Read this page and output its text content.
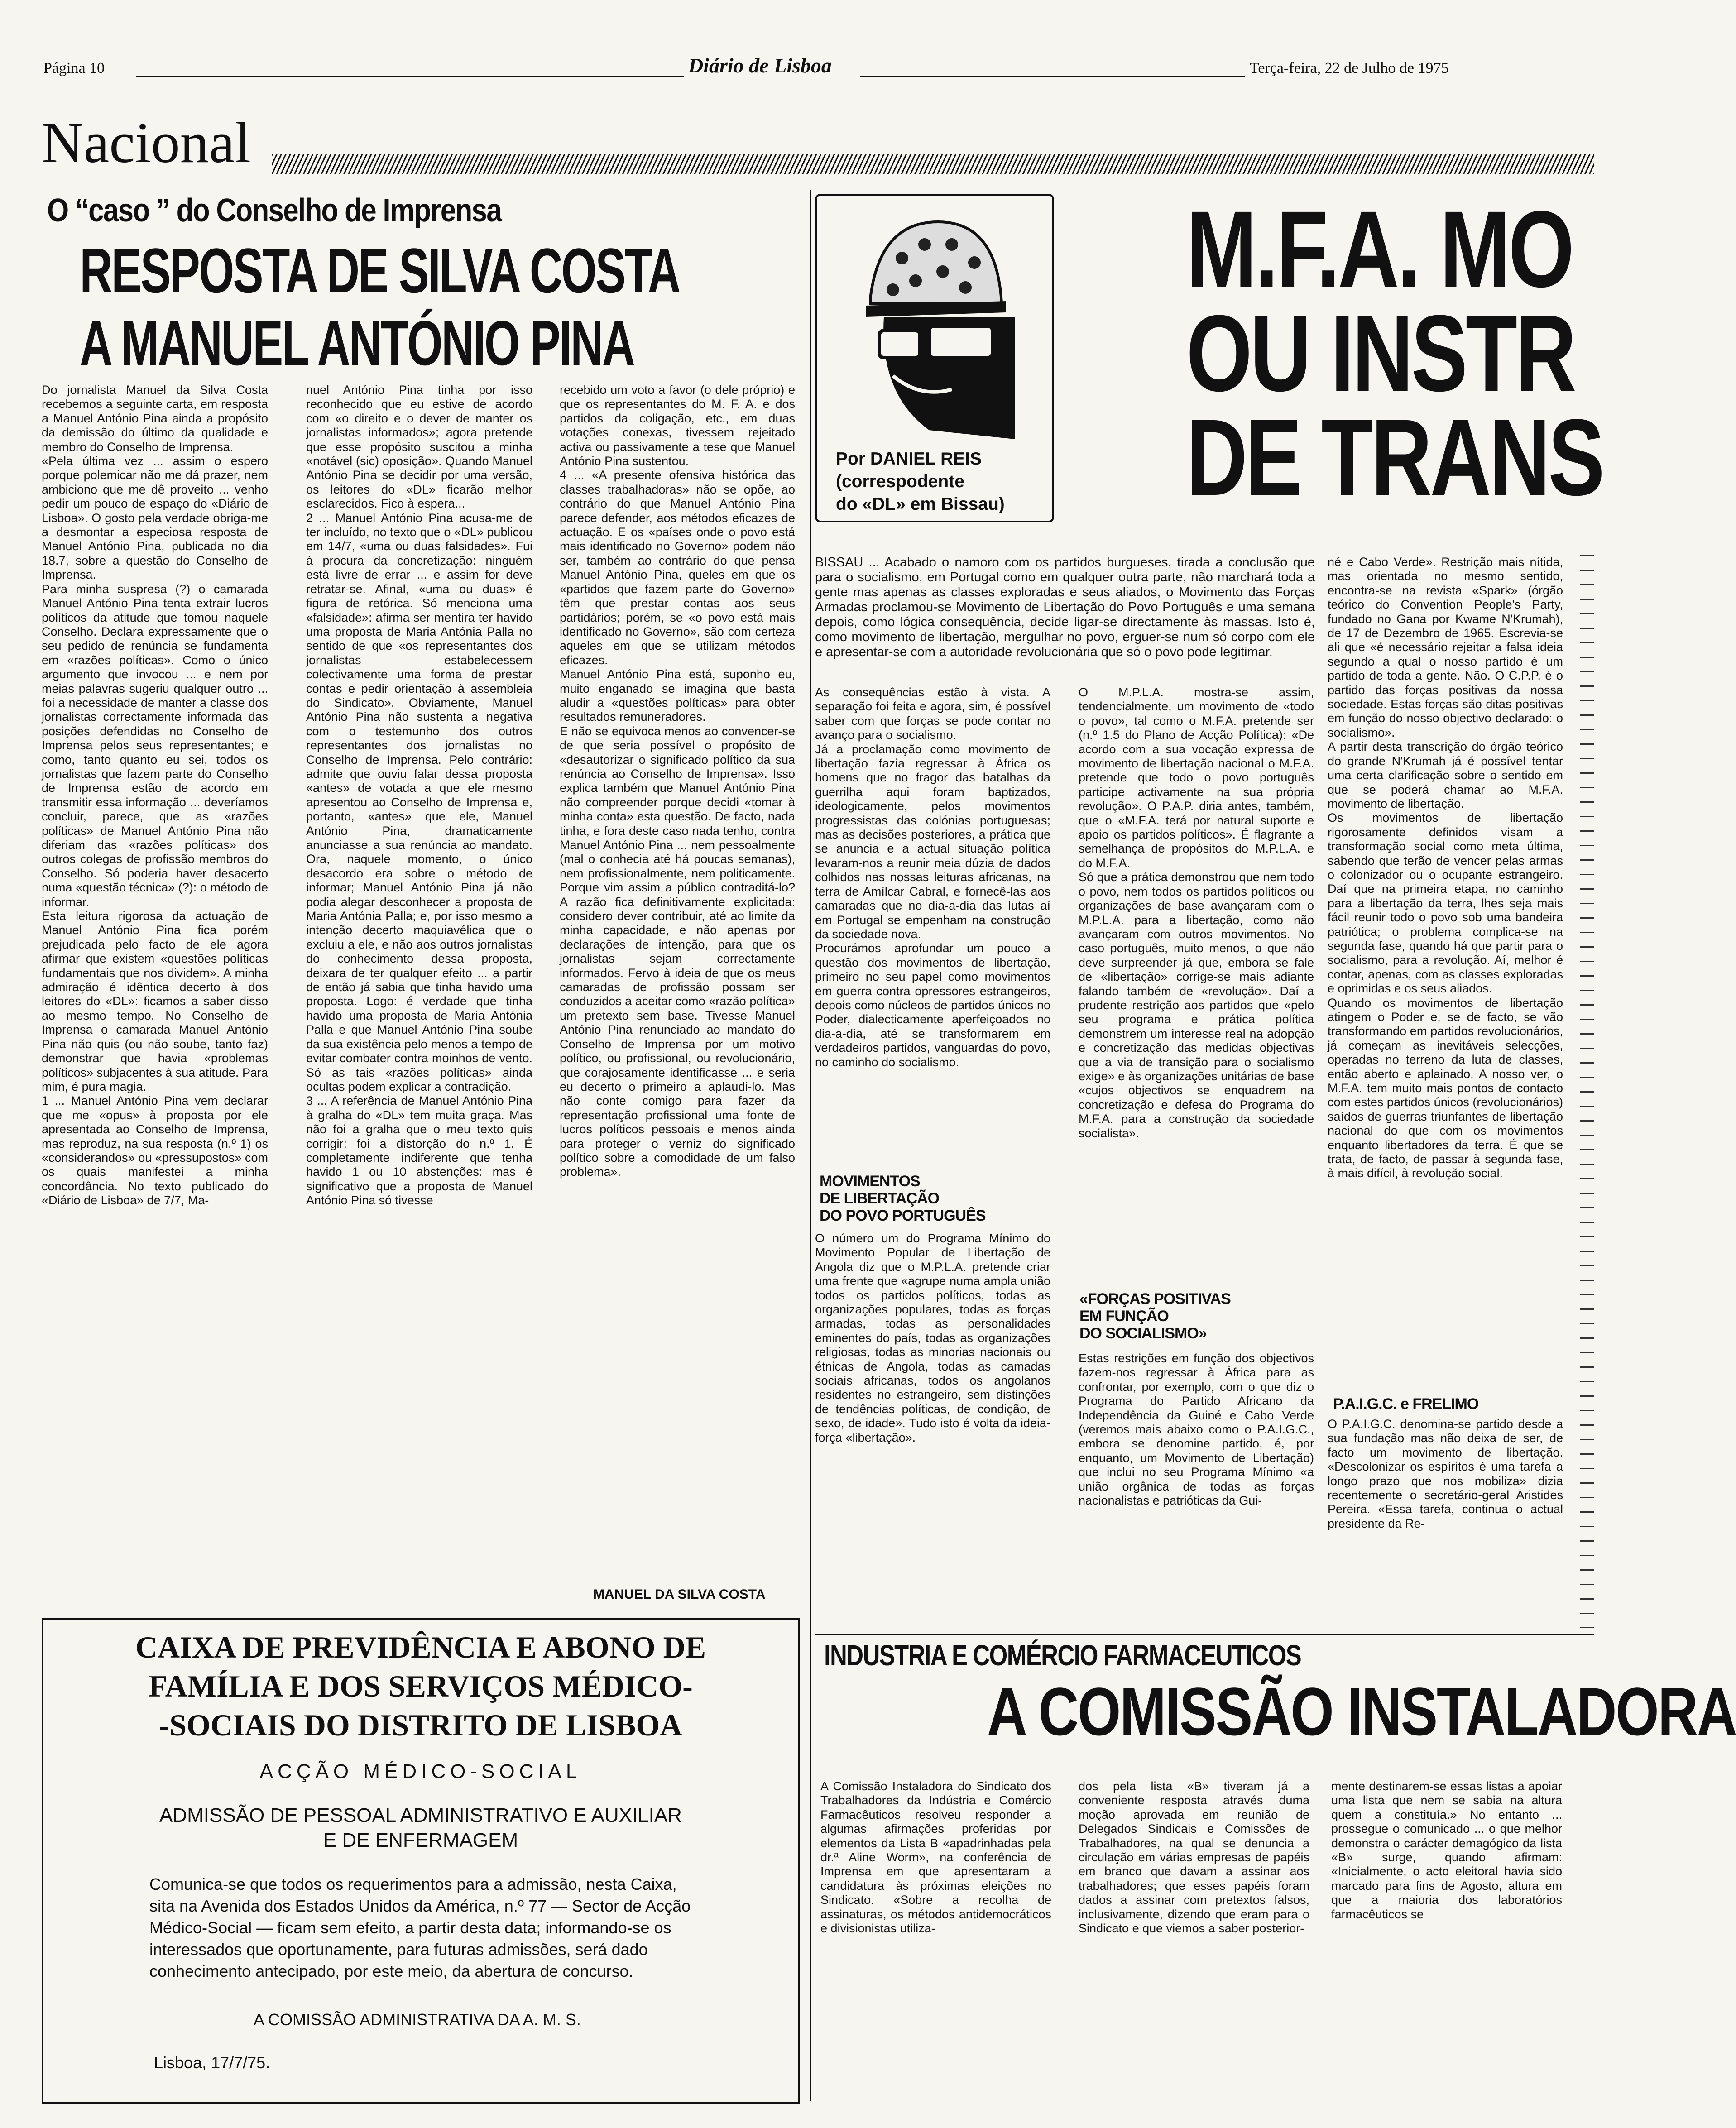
Página 10	Diário de Lisboa	Terça-feira, 22 de Julho de 1975
Nacional
O “caso ” do Conselho de Imprensa
RESPOSTA DE SILVA COSTA
A MANUEL ANTÓNIO PINA

Do jornalista Manuel da Silva Costa recebemos a seguinte carta, em resposta a Manuel António Pina ainda a propósito da demissão do último da qualidade e membro do Conselho de Imprensa.

«Pela última vez ... assim o espero porque polemicar não me dá prazer, nem ambiciono que me dê proveito ... venho pedir um pouco de espaço do «Diário de Lisboa». O gosto pela verdade obriga-me a desmontar a especiosa resposta de Manuel António Pina, publicada no dia 18.7, sobre a questão do Conselho de Imprensa.

Para minha suspresa (?) o camarada Manuel António Pina tenta extrair lucros políticos da atitude que tomou naquele Conselho. Declara expressamente que o seu pedido de renúncia se fundamenta em «razões políticas». Como o único argumento que invocou ... e nem por meias palavras sugeriu qualquer outro ... foi a necessidade de manter a classe dos jornalistas correctamente informada das posições defendidas no Conselho de Imprensa pelos seus representantes; e como, tanto quanto eu sei, todos os jornalistas que fazem parte do Conselho de Imprensa estão de acordo em transmitir essa informação ... deveríamos concluir, parece, que as «razões políticas» de Manuel António Pina não diferiam das «razões políticas» dos outros colegas de profissão membros do Conselho. Só poderia haver desacerto numa «questão técnica» (?): o método de informar.

Esta leitura rigorosa da actuação de Manuel António Pina fica porém prejudicada pelo facto de ele agora afirmar que existem «questões políticas fundamentais que nos dividem». A minha admiração é idêntica decerto à dos leitores do «DL»: ficamos a saber disso ao mesmo tempo. No Conselho de Imprensa o camarada Manuel António Pina não quis (ou não soube, tanto faz) demonstrar que havia «problemas políticos» subjacentes à sua atitude. Para mim, é pura magia.

1 ... Manuel António Pina vem declarar que me «opus» à proposta por ele apresentada ao Conselho de Imprensa, mas reproduz, na sua resposta (n.º 1) os «considerandos» ou «pressupostos» com os quais manifestei a minha concordância. No texto publicado do «Diário de Lisboa» de 7/7, Ma-

nuel António Pina tinha por isso reconhecido que eu estive de acordo com «o direito e o dever de manter os jornalistas informados»; agora pretende que esse propósito suscitou a minha «notável (sic) oposição». Quando Manuel António Pina se decidir por uma versão, os leitores do «DL» ficarão melhor esclarecidos. Fico à espera...

2 ... Manuel António Pina acusa-me de ter incluído, no texto que o «DL» publicou em 14/7, «uma ou duas falsidades». Fui à procura da concretização: ninguém está livre de errar ... e assim for deve retratar-se. Afinal, «uma ou duas» é figura de retórica. Só menciona uma «falsidade»: afirma ser mentira ter havido uma proposta de Maria Antónia Palla no sentido de que «os representantes dos jornalistas estabelecessem colectivamente uma forma de prestar contas e pedir orientação à assembleia do Sindicato». Obviamente, Manuel António Pina não sustenta a negativa com o testemunho dos outros representantes dos jornalistas no Conselho de Imprensa. Pelo contrário: admite que ouviu falar dessa proposta «antes» de votada a que ele mesmo apresentou ao Conselho de Imprensa e, portanto, «antes» que ele, Manuel António Pina, dramaticamente anunciasse a sua renúncia ao mandato. Ora, naquele momento, o único desacordo era sobre o método de informar; Manuel António Pina já não podia alegar desconhecer a proposta de Maria Antónia Palla; e, por isso mesmo a intenção decerto maquiavélica que o excluiu a ele, e não aos outros jornalistas do conhecimento dessa proposta, deixara de ter qualquer efeito ... a partir de então já sabia que tinha havido uma proposta. Logo: é verdade que tinha havido uma proposta de Maria Antónia Palla e que Manuel António Pina soube da sua existência pelo menos a tempo de evitar combater contra moinhos de vento. Só as tais «razões políticas» ainda ocultas podem explicar a contradição.

3 ... A referência de Manuel António Pina à gralha do «DL» tem muita graça. Mas não foi a gralha que o meu texto quis corrigir: foi a distorção do n.º 1. É completamente indiferente que tenha havido 1 ou 10 abstenções: mas é significativo que a proposta de Manuel António Pina só tivesse

recebido um voto a favor (o dele próprio) e que os representantes do M. F. A. e dos partidos da coligação, etc., em duas votações conexas, tivessem rejeitado activa ou passivamente a tese que Manuel António Pina sustentou.

4 ... «A presente ofensiva histórica das classes trabalhadoras» não se opõe, ao contrário do que Manuel António Pina parece defender, aos métodos eficazes de actuação. E os «países onde o povo está mais identificado no Governo» podem não ser, também ao contrário do que pensa Manuel António Pina, queles em que os «partidos que fazem parte do Governo» têm que prestar contas aos seus partidários; porém, se «o povo está mais identificado no Governo», são com certeza aqueles em que se utilizam métodos eficazes.

Manuel António Pina está, suponho eu, muito enganado se imagina que basta aludir a «questões políticas» para obter resultados remuneradores.

E não se equivoca menos ao convencer-se de que seria possível o propósito de «desautorizar o significado político da sua renúncia ao Conselho de Imprensa». Isso explica também que Manuel António Pina não compreender porque decidi «tomar à minha conta» esta questão. De facto, nada tinha, e fora deste caso nada tenho, contra Manuel António Pina ... nem pessoalmente (mal o conhecia até há poucas semanas), nem profissionalmente, nem politicamente. Porque vim assim a público contraditá-lo? A razão fica definitivamente explicitada: considero dever contribuir, até ao limite da minha capacidade, e não apenas por declarações de intenção, para que os jornalistas sejam correctamente informados. Fervo à ideia de que os meus camaradas de profissão possam ser conduzidos a aceitar como «razão política» um pretexto sem base. Tivesse Manuel António Pina renunciado ao mandato do Conselho de Imprensa por um motivo político, ou profissional, ou revolucionário, que corajosamente identificasse ... e seria eu decerto o primeiro a aplaudi-lo. Mas não conte comigo para fazer da representação profissional uma fonte de lucros políticos pessoais e menos ainda para proteger o verniz do significado político sobre a comodidade de um falso problema».

MANUEL DA SILVA COSTA
CAIXA DE PREVIDÊNCIA E ABONO DE
FAMÍLIA E DOS SERVIÇOS MÉDICO-
-SOCIAIS DO DISTRITO DE LISBOA
ACÇÃO MÉDICO-SOCIAL
ADMISSÃO DE PESSOAL ADMINISTRATIVO E AUXILIAR
E DE ENFERMAGEM
Comunica-se que todos os requerimentos para a admissão, nesta Caixa, sita na Avenida dos Estados Unidos da América, n.º 77 — Sector de Acção Médico-Social — ficam sem efeito, a partir desta data; informando-se os interessados que oportunamente, para futuras admissões, será dado conhecimento antecipado, por este meio, da abertura de concurso.
A COMISSÃO ADMINISTRATIVA DA A. M. S.
Lisboa, 17/7/75.
Por DANIEL REIS
(correspodente
do «DL» em Bissau)
M.F.A. MO
OU INSTR
DE TRANS
BISSAU ... Acabado o namoro com os partidos burgueses, tirada a conclusão que para o socialismo, em Portugal como em qualquer outra parte, não marchará toda a gente mas apenas as classes exploradas e seus aliados, o Movimento das Forças Armadas proclamou-se Movimento de Libertação do Povo Português e uma semana depois, como lógica consequência, decide ligar-se directamente às massas. Isto é, como movimento de libertação, mergulhar no povo, erguer-se num só corpo com ele e apresentar-se com a autoridade revolucionária que só o povo pode legitimar.

As consequências estão à vista. A separação foi feita e agora, sim, é possível saber com que forças se pode contar no avanço para o socialismo.

Já a proclamação como movimento de libertação fazia regressar à África os homens que no fragor das batalhas da guerrilha aqui foram baptizados, ideologicamente, pelos movimentos progressistas das colónias portuguesas; mas as decisões posteriores, a prática que se anuncia e a actual situação política levaram-nos a reunir meia dúzia de dados colhidos nas nossas leituras africanas, na terra de Amílcar Cabral, e fornecê-las aos camaradas que no dia-a-dia das lutas aí em Portugal se empenham na construção da sociedade nova.

Procurámos aprofundar um pouco a questão dos movimentos de libertação, primeiro no seu papel como movimentos em guerra contra opressores estrangeiros, depois como núcleos de partidos únicos no Poder, dialecticamente aperfeiçoados no dia-a-dia, até se transformarem em verdadeiros partidos, vanguardas do povo, no caminho do socialismo.

MOVIMENTOS
DE LIBERTAÇÃO
DO POVO PORTUGUÊS
O número um do Programa Mínimo do Movimento Popular de Libertação de Angola diz que o M.P.L.A. pretende criar uma frente que «agrupe numa ampla união todos os partidos políticos, todas as organizações populares, todas as forças armadas, todas as personalidades eminentes do país, todas as organizações religiosas, todas as minorias nacionais ou étnicas de Angola, todas as camadas sociais africanas, todos os angolanos residentes no estrangeiro, sem distinções de tendências políticas, de condição, de sexo, de idade». Tudo isto é volta da ideia-força «libertação».

O M.P.L.A. mostra-se assim, tendencialmente, um movimento de «todo o povo», tal como o M.F.A. pretende ser (n.º 1.5 do Plano de Acção Política): «De acordo com a sua vocação expressa de movimento de libertação nacional o M.F.A. pretende que todo o povo português participe activamente na sua própria revolução». O P.A.P. diria antes, também, que o «M.F.A. terá por natural suporte e apoio os partidos políticos». É flagrante a semelhança de propósitos do M.P.L.A. e do M.F.A.

Só que a prática demonstrou que nem todo o povo, nem todos os partidos políticos ou organizações de base avançaram com o M.P.L.A. para a libertação, como não avançaram com outros movimentos. No caso português, muito menos, o que não deve surpreender já que, embora se fale de «libertação» corrige-se mais adiante falando também de «revolução». Daí a prudente restrição aos partidos que «pelo seu programa e prática política demonstrem um interesse real na adopção e concretização das medidas objectivas que a via de transição para o socialismo exige» e às organizações unitárias de base «cujos objectivos se enquadrem na concretização e defesa do Programa do M.F.A. para a construção da sociedade socialista».

«FORÇAS POSITIVAS
EM FUNÇÃO
DO SOCIALISMO»
Estas restrições em função dos objectivos fazem-nos regressar à África para as confrontar, por exemplo, com o que diz o Programa do Partido Africano da Independência da Guiné e Cabo Verde (veremos mais abaixo como o P.A.I.G.C., embora se denomine partido, é, por enquanto, um Movimento de Libertação) que inclui no seu Programa Mínimo «a união orgânica de todas as forças nacionalistas e patrióticas da Gui-

né e Cabo Verde». Restrição mais nítida, mas orientada no mesmo sentido, encontra-se na revista «Spark» (órgão teórico do Convention People's Party, fundado no Gana por Kwame N'Krumah), de 17 de Dezembro de 1965. Escrevia-se ali que «é necessário rejeitar a falsa ideia segundo a qual o nosso partido é um partido de toda a gente. Não. O C.P.P. é o partido das forças positivas da nossa sociedade. Estas forças são ditas positivas em função do nosso objectivo declarado: o socialismo».

A partir desta transcrição do órgão teórico do grande N'Krumah já é possível tentar uma certa clarificação sobre o sentido em que se poderá chamar ao M.F.A. movimento de libertação.

Os movimentos de libertação rigorosamente definidos visam a transformação social como meta última, sabendo que terão de vencer pelas armas o colonizador ou o ocupante estrangeiro. Daí que na primeira etapa, no caminho para a libertação da terra, lhes seja mais fácil reunir todo o povo sob uma bandeira patriótica; o problema complica-se na segunda fase, quando há que partir para o socialismo, para a revolução. Aí, melhor é contar, apenas, com as classes exploradas e oprimidas e os seus aliados.

Quando os movimentos de libertação atingem o Poder e, se de facto, se vão transformando em partidos revolucionários, já começam as inevitáveis selecções, operadas no terreno da luta de classes, então aberto e aplainado. A nosso ver, o M.F.A. tem muito mais pontos de contacto com estes partidos únicos (revolucionários) saídos de guerras triunfantes de libertação nacional do que com os movimentos enquanto libertadores da terra. É que se trata, de facto, de passar à segunda fase, à mais difícil, à revolução social.

P.A.I.G.C. e FRELIMO
O P.A.I.G.C. denomina-se partido desde a sua fundação mas não deixa de ser, de facto um movimento de libertação. «Descolonizar os espíritos é uma tarefa a longo prazo que nos mobiliza» dizia recentemente o secretário-geral Aristides Pereira. «Essa tarefa, continua o actual presidente da Re-
INDUSTRIA E COMÉRCIO FARMACEUTICOS
A COMISSÃO INSTALADORA
A Comissão Instaladora do Sindicato dos Trabalhadores da Indústria e Comércio Farmacêuticos resolveu responder a algumas afirmações proferidas por elementos da Lista B «apadrinhadas pela dr.ª Aline Worm», na conferência de Imprensa em que apresentaram a candidatura às próximas eleições no Sindicato. «Sobre a recolha de assinaturas, os métodos antidemocráticos e divisionistas utiliza-
dos pela lista «B» tiveram já a conveniente resposta através duma moção aprovada em reunião de Delegados Sindicais e Comissões de Trabalhadores, na qual se denuncia a circulação em várias empresas de papéis em branco que davam a assinar aos trabalhadores; que esses papéis foram dados a assinar com pretextos falsos, inclusivamente, dizendo que eram para o Sindicato e que viemos a saber posterior-
mente destinarem-se essas listas a apoiar uma lista que nem se sabia na altura quem a constituía.» No entanto ... prossegue o comunicado ... o que melhor demonstra o carácter demagógico da lista «B» surge, quando afirmam: «Inicialmente, o acto eleitoral havia sido marcado para fins de Agosto, altura em que a maioria dos laboratórios farmacêuticos se
